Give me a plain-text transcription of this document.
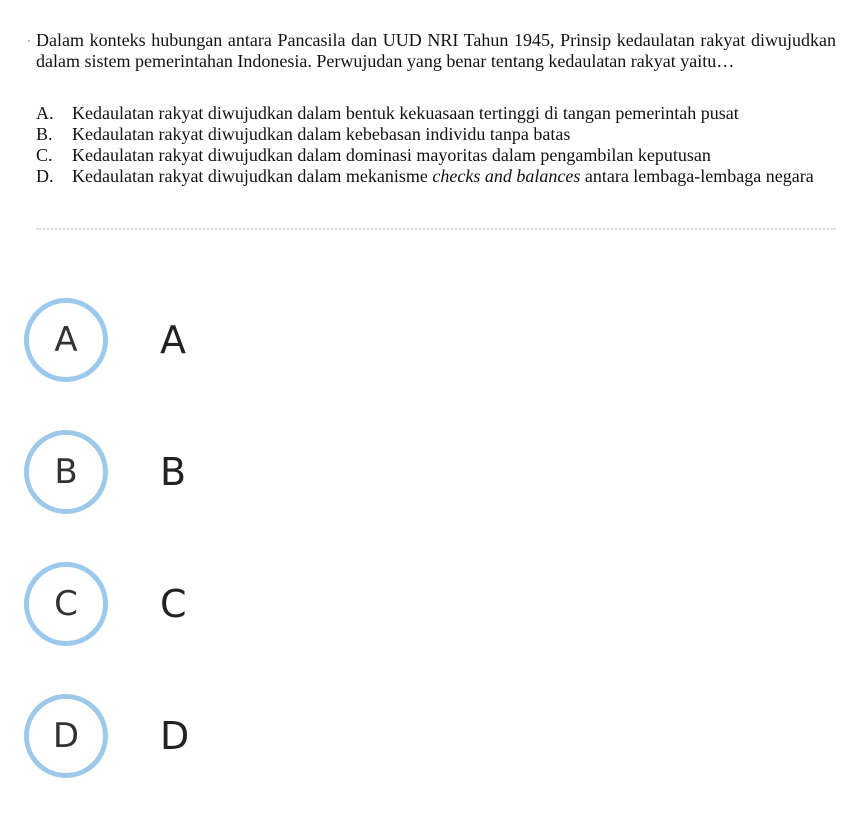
Dalam konteks hubungan antara Pancasila dan UUD NRI Tahun 1945, Prinsip kedaulatan rakyat diwujudkan dalam sistem pemerintahan Indonesia. Perwujudan yang benar tentang kedaulatan rakyat yaitu…
A.	Kedaulatan rakyat diwujudkan dalam bentuk kekuasaan tertinggi di tangan pemerintah pusat
B.	Kedaulatan rakyat diwujudkan dalam kebebasan individu tanpa batas
C.	Kedaulatan rakyat diwujudkan dalam dominasi mayoritas dalam pengambilan keputusan
D.	Kedaulatan rakyat diwujudkan dalam mekanisme checks and balances antara lembaga-lembaga negara
A	A
B	B
C	C
D	D
